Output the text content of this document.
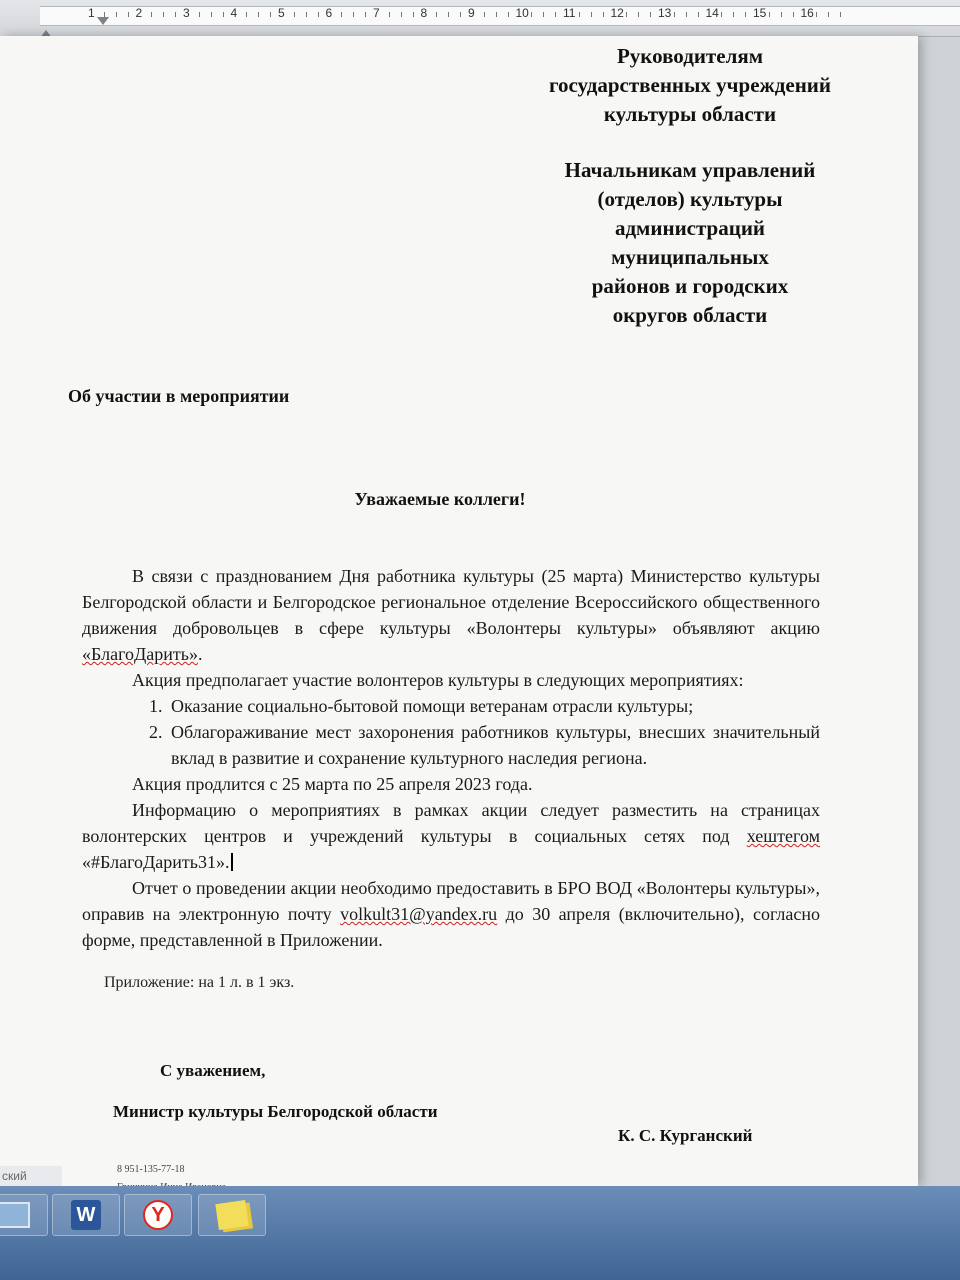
1	2	3	4	5	6	7	8	9	10	11	12	13	14	15	16
Руководителям
государственных учреждений
культуры области
Начальникам управлений
(отделов) культуры
администраций
муниципальных
районов и городских
округов области
Об участии в мероприятии
Уважаемые коллеги!

В связи с празднованием Дня работника культуры (25 марта) Министерство культуры Белгородской области и Белгородское региональное отделение Всероссийского общественного движения добровольцев в сфере культуры «Волонтеры культуры» объявляют акцию «БлагоДарить».

Акция предполагает участие волонтеров культуры в следующих мероприятиях:

1. Оказание социально-бытовой помощи ветеранам отрасли культуры;
2. Облагораживание мест захоронения работников культуры, внесших значительный вклад в развитие и сохранение культурного наследия региона.

Акция продлится с 25 марта по 25 апреля 2023 года.

Информацию о мероприятиях в рамках акции следует разместить на страницах волонтерских центров и учреждений культуры в социальных сетях под хештегом «#БлагоДарить31».

Отчет о проведении акции необходимо предоставить в БРО ВОД «Волонтеры культуры», оправив на электронную почту volkult31@yandex.ru до 30 апреля (включительно), согласно форме, представленной в Приложении.

Приложение: на 1 л. в 1 экз.
С уважением,
Министр культуры Белгородской области
К. С. Курганский
8 951-135-77-18
ский
W	Y
